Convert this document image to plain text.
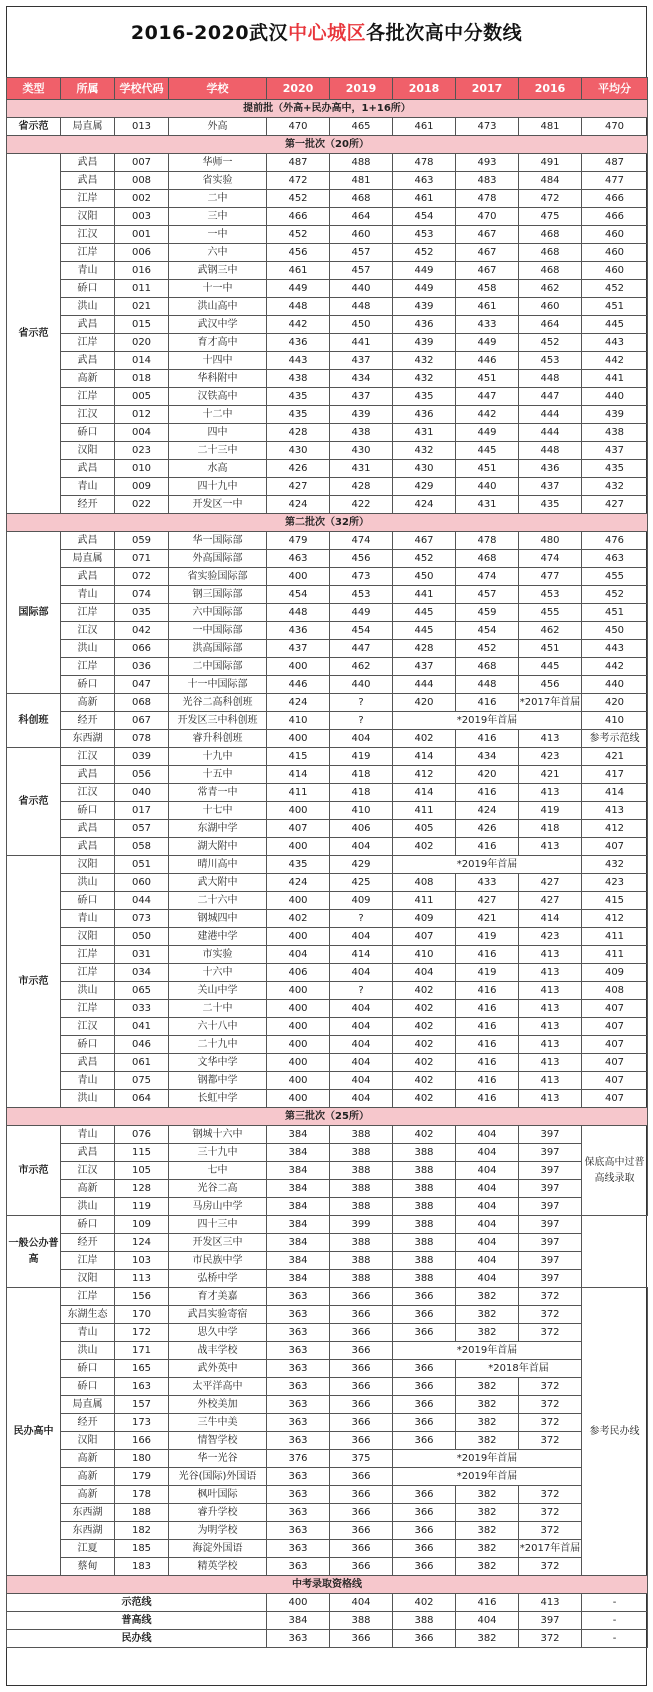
2016-2020武汉中心城区各批次高中分数线
类型	所属	学校代码	学校	2020	2019	2018	2017	2016	平均分
提前批（外高+民办高中，1+16所）									
省示范	局直属	013	外高	470	465	461	473	481	470
第一批次（20所）									
省示范	武昌	007	华师一	487	488	478	493	491	487
	武昌	008	省实验	472	481	463	483	484	477
	江岸	002	二中	452	468	461	478	472	466
	汉阳	003	三中	466	464	454	470	475	466
	江汉	001	一中	452	460	453	467	468	460
	江岸	006	六中	456	457	452	467	468	460
	青山	016	武钢三中	461	457	449	467	468	460
	硚口	011	十一中	449	440	449	458	462	452
	洪山	021	洪山高中	448	448	439	461	460	451
	武昌	015	武汉中学	442	450	436	433	464	445
	江岸	020	育才高中	436	441	439	449	452	443
	武昌	014	十四中	443	437	432	446	453	442
	高新	018	华科附中	438	434	432	451	448	441
	江岸	005	汉铁高中	435	437	435	447	447	440
	江汉	012	十二中	435	439	436	442	444	439
	硚口	004	四中	428	438	431	449	444	438
	汉阳	023	二十三中	430	430	432	445	448	437
	武昌	010	水高	426	431	430	451	436	435
	青山	009	四十九中	427	428	429	440	437	432
	经开	022	开发区一中	424	422	424	431	435	427
第二批次（32所）									
国际部	武昌	059	华一国际部	479	474	467	478	480	476
	局直属	071	外高国际部	463	456	452	468	474	463
	武昌	072	省实验国际部	400	473	450	474	477	455
	青山	074	钢三国际部	454	453	441	457	453	452
	江岸	035	六中国际部	448	449	445	459	455	451
	江汉	042	一中国际部	436	454	445	454	462	450
	洪山	066	洪高国际部	437	447	428	452	451	443
	江岸	036	二中国际部	400	462	437	468	445	442
	硚口	047	十一中国际部	446	440	444	448	456	440
科创班	高新	068	光谷二高科创班	424	?	420	416	*2017年首届	420
	经开	067	开发区三中科创班	410	?	*2019年首届			410
	东西湖	078	睿升科创班	400	404	402	416	413	参考示范线
省示范	江汉	039	十九中	415	419	414	434	423	421
	武昌	056	十五中	414	418	412	420	421	417
	江汉	040	常青一中	411	418	414	416	413	414
	硚口	017	十七中	400	410	411	424	419	413
	武昌	057	东湖中学	407	406	405	426	418	412
	武昌	058	湖大附中	400	404	402	416	413	407
市示范	汉阳	051	晴川高中	435	429	*2019年首届			432
	洪山	060	武大附中	424	425	408	433	427	423
	硚口	044	二十六中	400	409	411	427	427	415
	青山	073	钢城四中	402	?	409	421	414	412
	汉阳	050	建港中学	400	404	407	419	423	411
	江岸	031	市实验	404	414	410	416	413	411
	江岸	034	十六中	406	404	404	419	413	409
	洪山	065	关山中学	400	?	402	416	413	408
	江岸	033	二十中	400	404	402	416	413	407
	江汉	041	六十八中	400	404	402	416	413	407
	硚口	046	二十九中	400	404	402	416	413	407
	武昌	061	文华中学	400	404	402	416	413	407
	青山	075	钢都中学	400	404	402	416	413	407
	洪山	064	长虹中学	400	404	402	416	413	407
第三批次（25所）									
市示范	青山	076	钢城十六中	384	388	402	404	397	保底高中过普高线录取
	武昌	115	三十九中	384	388	388	404	397	
	江汉	105	七中	384	388	388	404	397	
	高新	128	光谷二高	384	388	388	404	397	
	洪山	119	马房山中学	384	388	388	404	397	
一般公办普高	硚口	109	四十三中	384	399	388	404	397	
	经开	124	开发区三中	384	388	388	404	397	
	江岸	103	市民族中学	384	388	388	404	397	
	汉阳	113	弘桥中学	384	388	388	404	397	
民办高中	江岸	156	育才美嘉	363	366	366	382	372	参考民办线
	东湖生态	170	武昌实验寄宿	363	366	366	382	372	
	青山	172	思久中学	363	366	366	382	372	
	洪山	171	战丰学校	363	366	*2019年首届			
	硚口	165	武外英中	363	366	366	*2018年首届		
	硚口	163	太平洋高中	363	366	366	382	372	
	局直属	157	外校美加	363	366	366	382	372	
	经开	173	三牛中美	363	366	366	382	372	
	汉阳	166	情智学校	363	366	366	382	372	
	高新	180	华一光谷	376	375	*2019年首届			
	高新	179	光谷(国际)外国语	363	366	*2019年首届			
	高新	178	枫叶国际	363	366	366	382	372	
	东西湖	188	睿升学校	363	366	366	382	372	
	东西湖	182	为明学校	363	366	366	382	372	
	江夏	185	海淀外国语	363	366	366	382	*2017年首届	
	蔡甸	183	精英学校	363	366	366	382	372	
中考录取资格线									
示范线				400	404	402	416	413	-
普高线				384	388	388	404	397	-
民办线				363	366	366	382	372	-
